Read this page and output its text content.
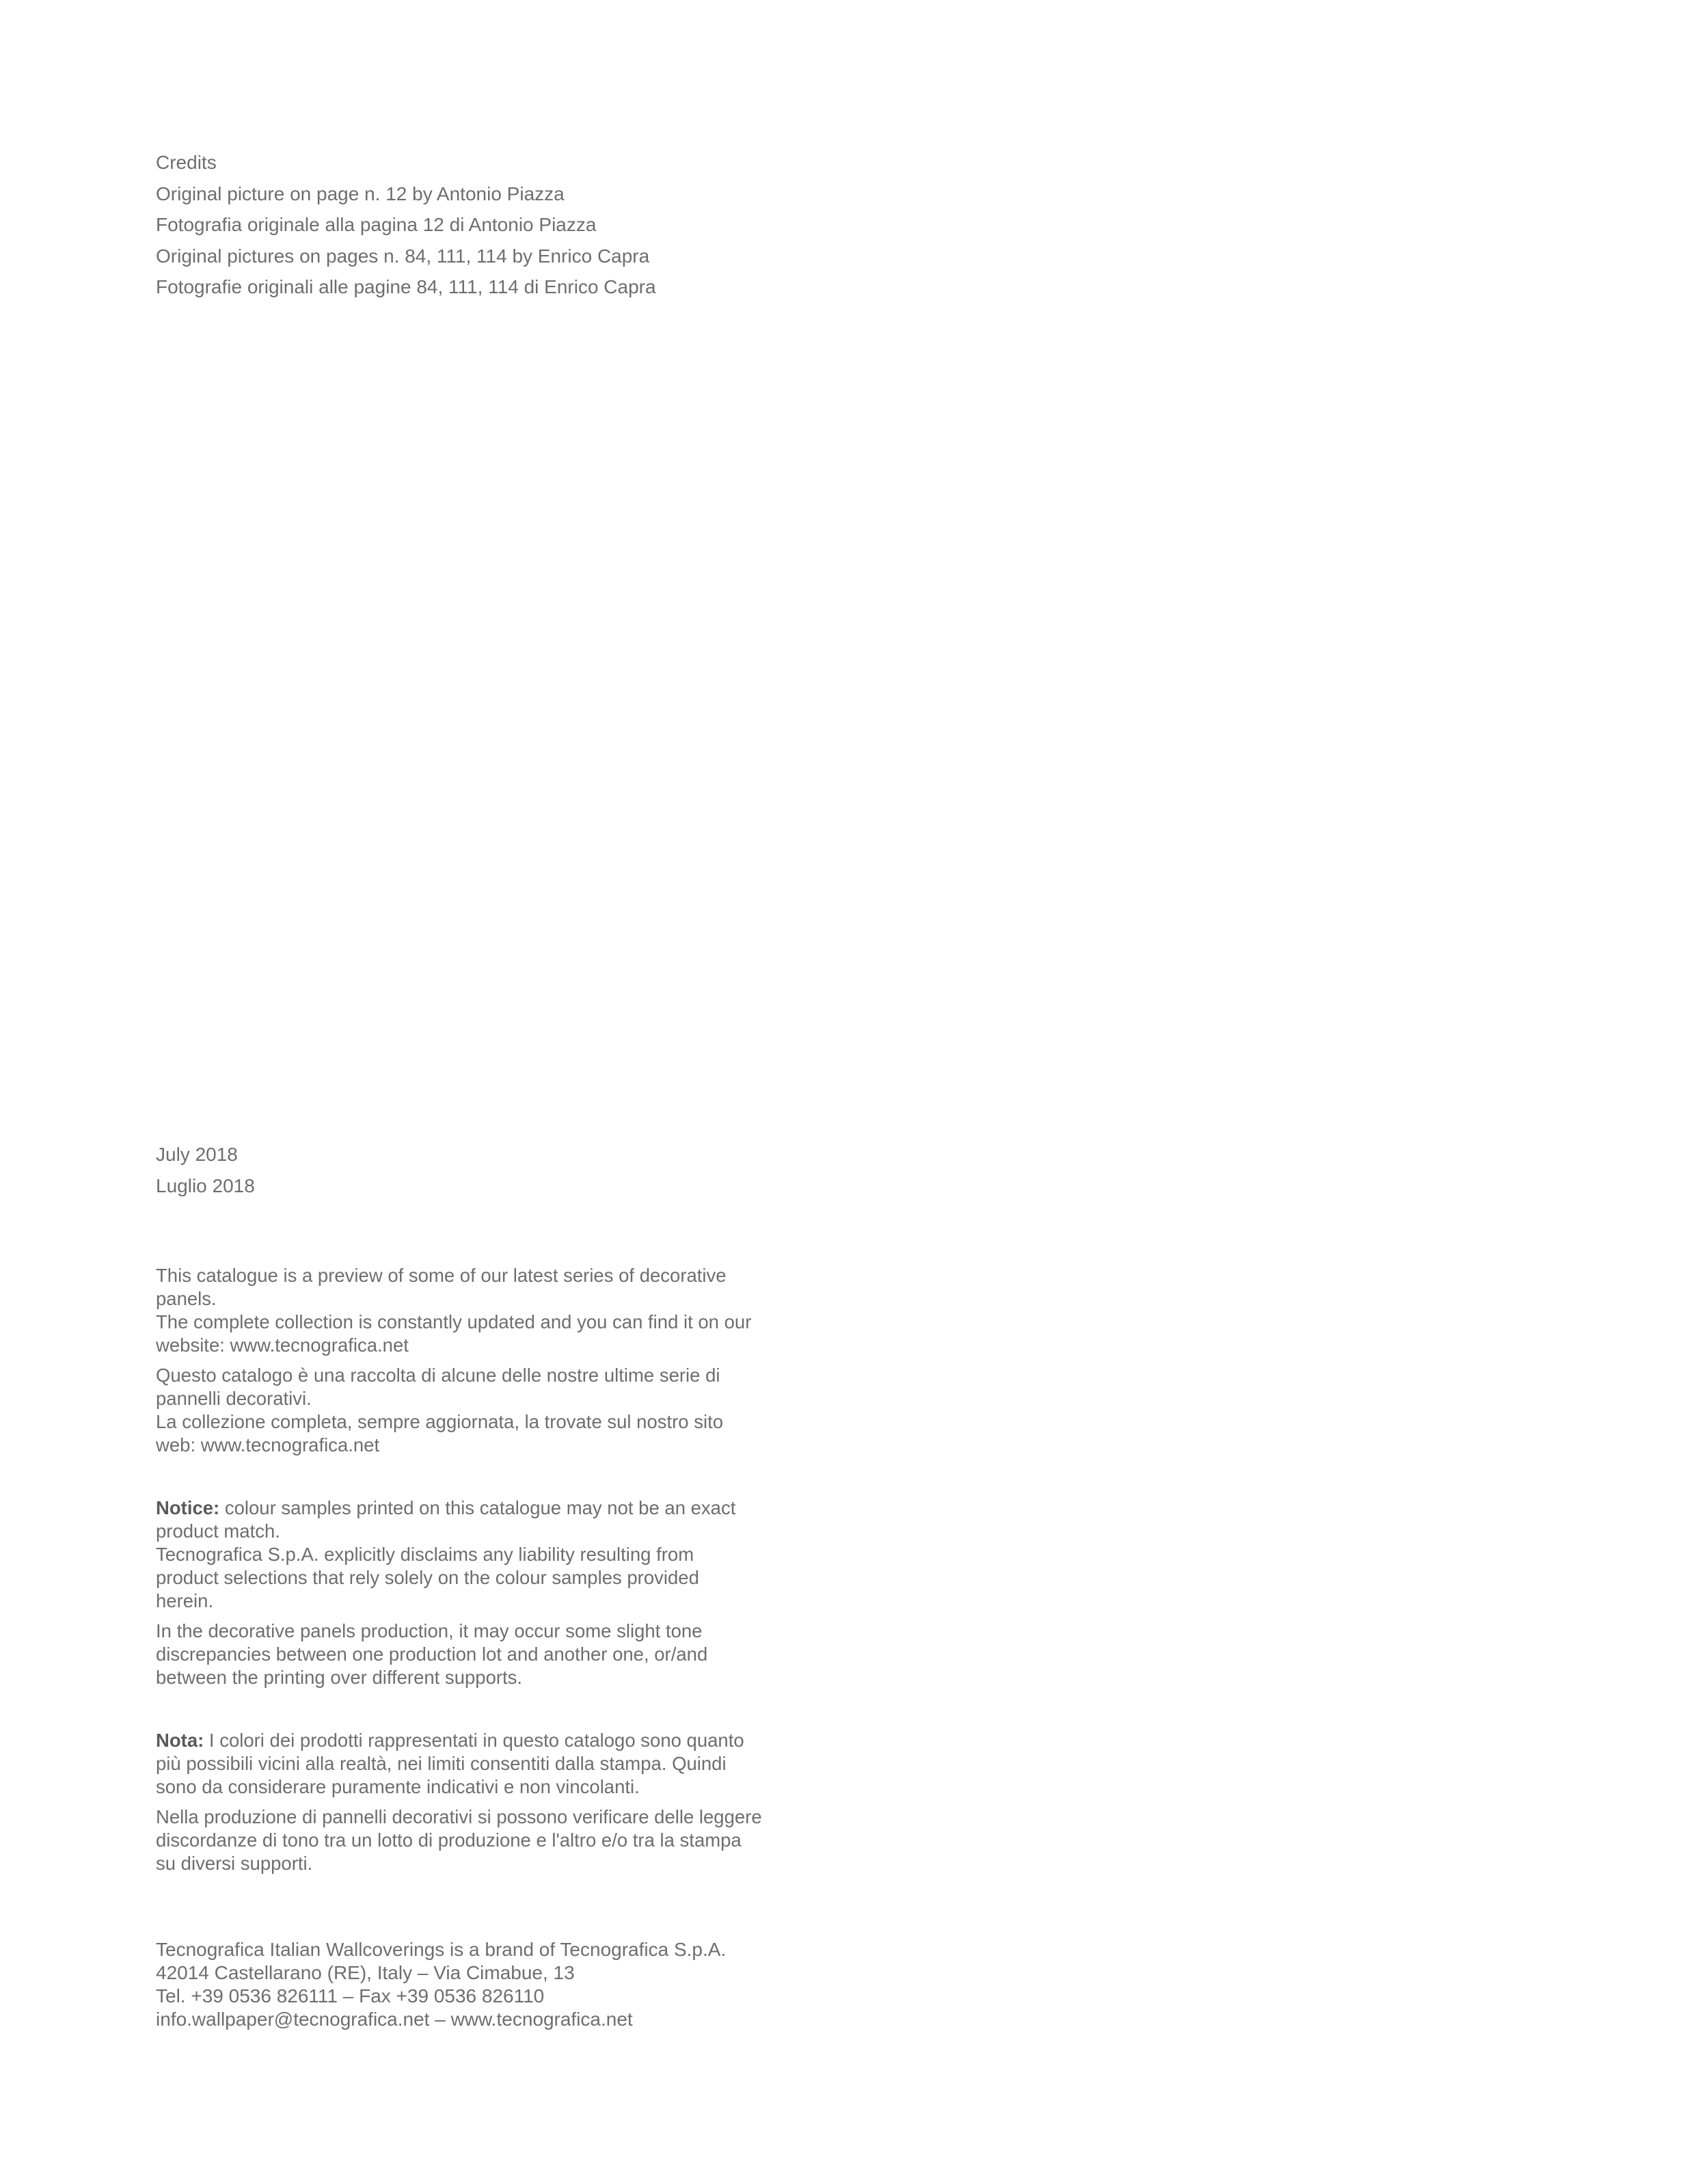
Credits

Original picture on page n. 12 by Antonio Piazza

Fotografia originale alla pagina 12 di Antonio Piazza

Original pictures on pages n. 84, 111, 114 by Enrico Capra

Fotografie originali alle pagine 84, 111, 114 di Enrico Capra

July 2018

Luglio 2018

This catalogue is a preview of some of our latest series of decorative panels.

The complete collection is constantly updated and you can find it on our website: www.tecnografica.net

Questo catalogo è una raccolta di alcune delle nostre ultime serie di pannelli decorativi.

La collezione completa, sempre aggiornata, la trovate sul nostro sito web: www.tecnografica.net

Notice: colour samples printed on this catalogue may not be an exact product match.

Tecnografica S.p.A. explicitly disclaims any liability resulting from product selections that rely solely on the colour samples provided herein.

In the decorative panels production, it may occur some slight tone discrepancies between one production lot and another one, or/and between the printing over different supports.

Nota: I colori dei prodotti rappresentati in questo catalogo sono quanto più possibili vicini alla realtà, nei limiti consentiti dalla stampa. Quindi sono da considerare puramente indicativi e non vincolanti.

Nella produzione di pannelli decorativi si possono verificare delle leggere discordanze di tono tra un lotto di produzione e l'altro e/o tra la stampa su diversi supporti.

Tecnografica Italian Wallcoverings is a brand of Tecnografica S.p.A.

42014 Castellarano (RE), Italy – Via Cimabue, 13

Tel. +39 0536 826111 – Fax +39 0536 826110

info.wallpaper@tecnografica.net – www.tecnografica.net
